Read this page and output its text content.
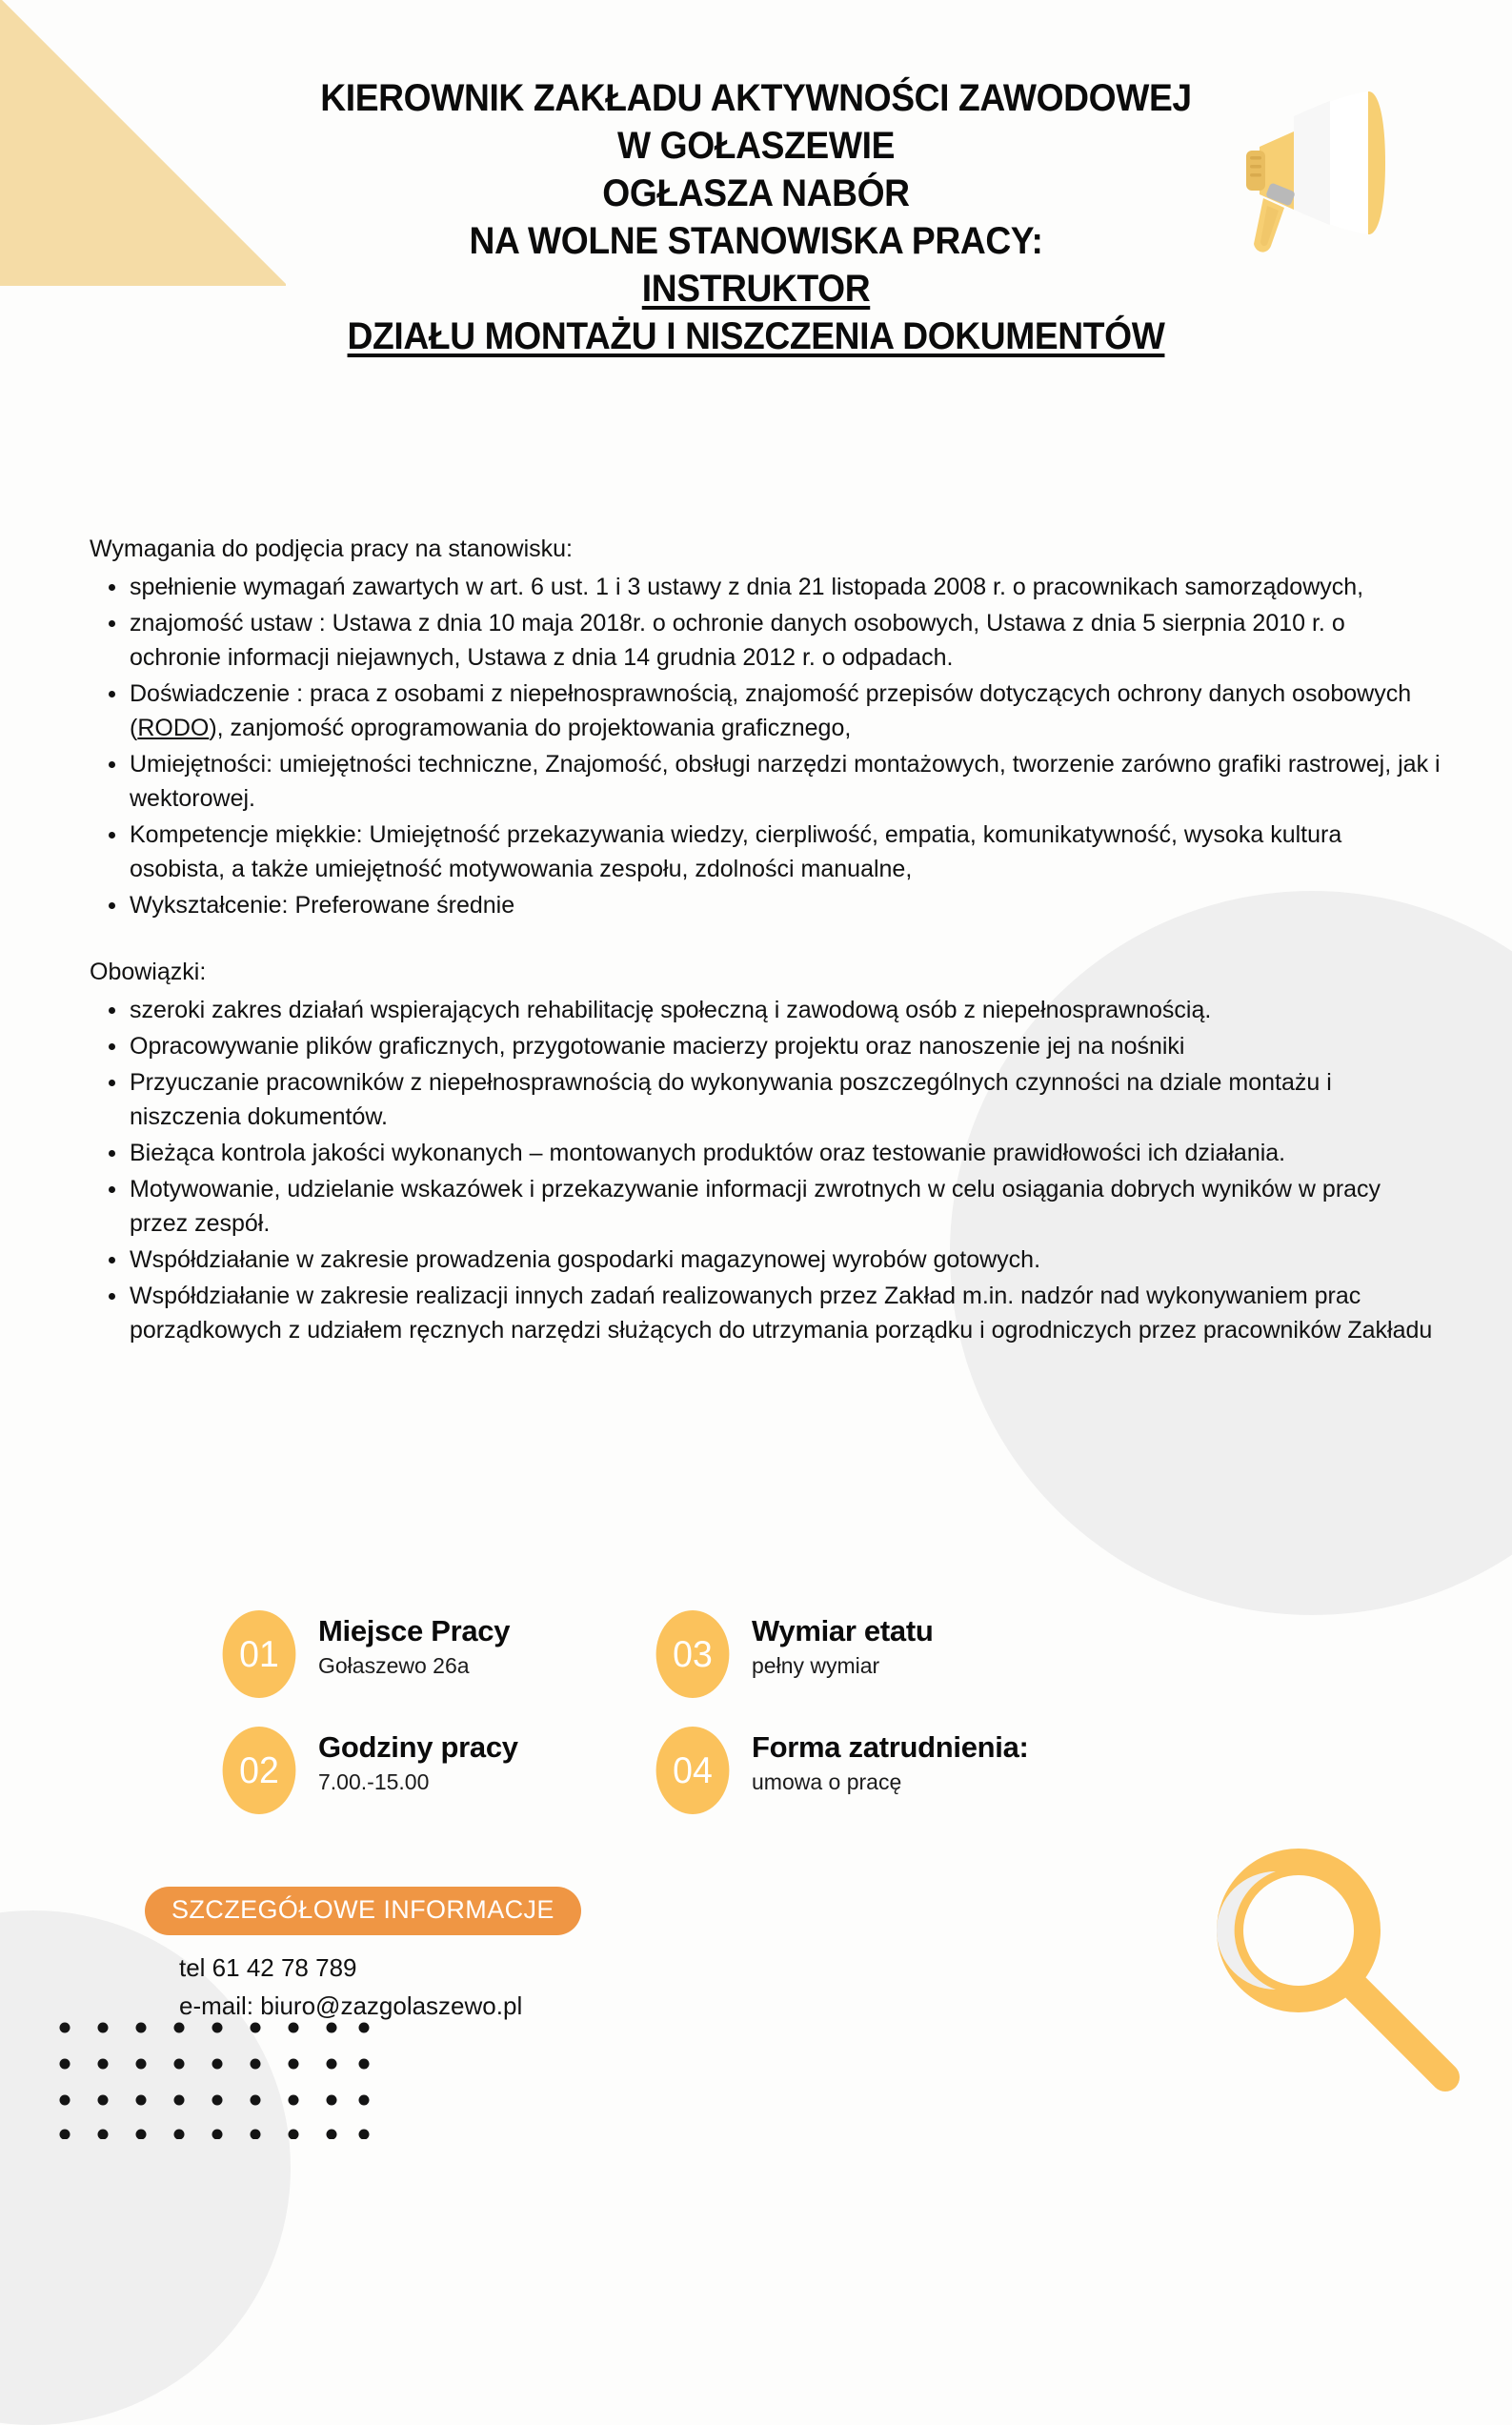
KIEROWNIK ZAKŁADU AKTYWNOŚCI ZAWODOWEJ
W GOŁASZEWIE
OGŁASZA NABÓR
NA WOLNE STANOWISKA PRACY:
INSTRUKTOR
DZIAŁU MONTAŻU I NISZCZENIA DOKUMENTÓW
Wymagania do podjęcia pracy na stanowisku:
spełnienie wymagań zawartych w art. 6 ust. 1 i 3 ustawy z dnia 21 listopada 2008 r. o pracownikach samorządowych,
znajomość ustaw : Ustawa z dnia 10 maja 2018r. o ochronie danych osobowych, Ustawa z dnia 5 sierpnia 2010 r. o ochronie informacji niejawnych, Ustawa z dnia 14 grudnia 2012 r. o odpadach.
Doświadczenie : praca z osobami z niepełnosprawnością, znajomość przepisów dotyczących ochrony danych osobowych (RODO), zanjomość oprogramowania do projektowania graficznego,
Umiejętności: umiejętności techniczne, Znajomość, obsługi narzędzi montażowych, tworzenie zarówno grafiki rastrowej, jak i wektorowej.
Kompetencje miękkie: Umiejętność przekazywania wiedzy, cierpliwość, empatia, komunikatywność, wysoka kultura osobista, a także umiejętność motywowania zespołu, zdolności manualne,
Wykształcenie: Preferowane średnie
Obowiązki:
szeroki zakres działań wspierających rehabilitację społeczną i zawodową osób z niepełnosprawnością.
Opracowywanie plików graficznych, przygotowanie macierzy projektu oraz nanoszenie jej na nośniki
Przyuczanie pracowników z niepełnosprawnością do wykonywania poszczególnych czynności na dziale montażu i niszczenia dokumentów.
Bieżąca kontrola jakości wykonanych – montowanych produktów oraz testowanie prawidłowości ich działania.
Motywowanie, udzielanie wskazówek i przekazywanie informacji zwrotnych w celu osiągania dobrych wyników w pracy przez zespół.
Współdziałanie w zakresie prowadzenia gospodarki magazynowej wyrobów gotowych.
Współdziałanie w zakresie realizacji innych zadań realizowanych przez Zakład m.in. nadzór nad wykonywaniem prac porządkowych z udziałem ręcznych narzędzi służących do utrzymania porządku i ogrodniczych przez pracowników Zakładu
01
Miejsce Pracy
Gołaszewo 26a	03
Wymiar etatu
pełny wymiar
02
Godziny pracy
7.00.-15.00	04
Forma zatrudnienia:
umowa o pracę
SZCZEGÓŁOWE INFORMACJE
tel 61 42 78 789
e-mail: biuro@zazgolaszewo.pl
